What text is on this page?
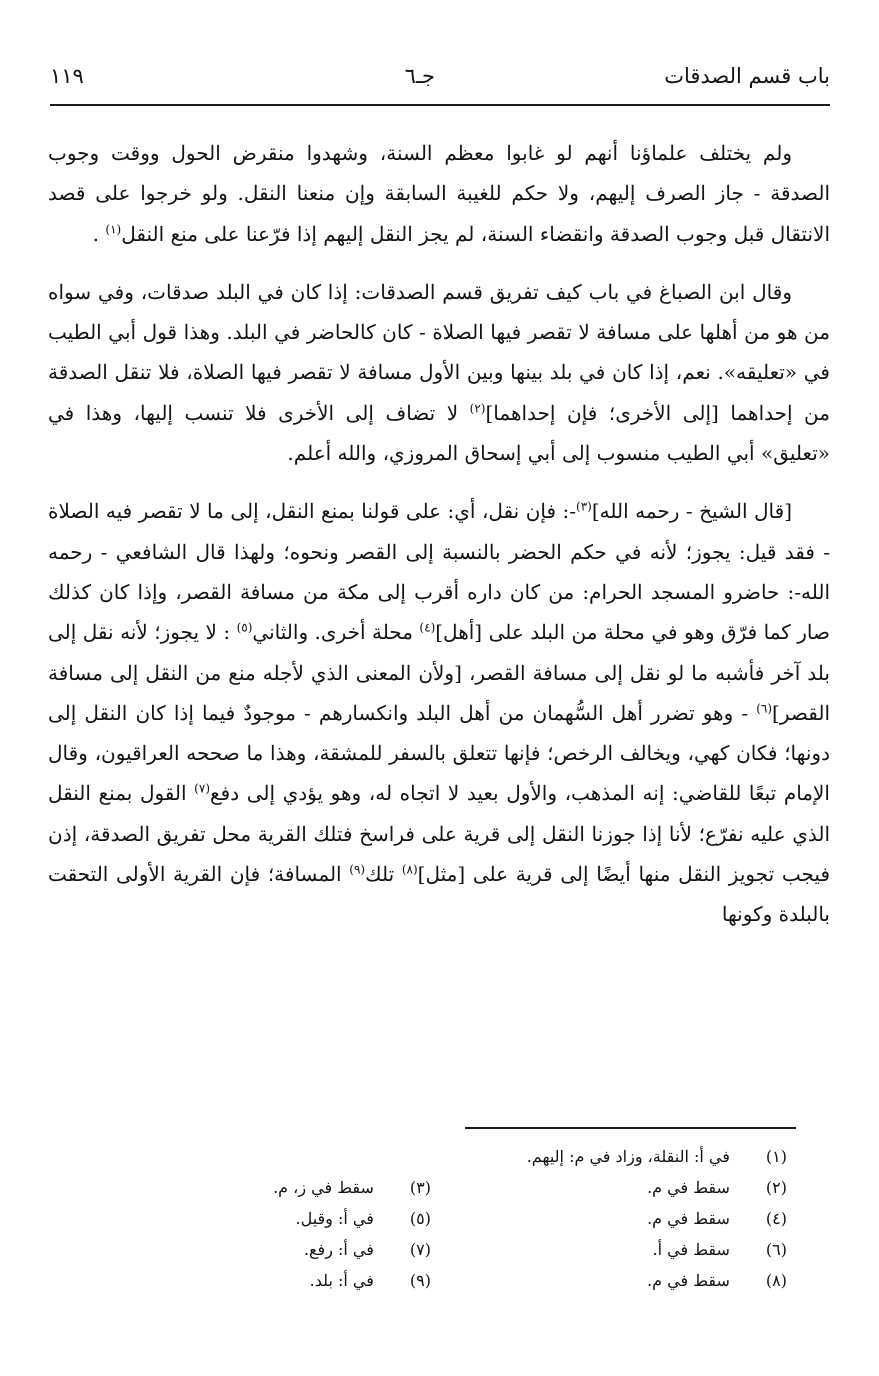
باب قسم الصدقات
جـ٦
١١٩

ولم يختلف علماؤنا أنهم لو غابوا معظم السنة، وشهدوا منقرض الحول ووقت وجوب الصدقة - جاز الصرف إليهم، ولا حكم للغيبة السابقة وإن منعنا النقل. ولو خرجوا على قصد الانتقال قبل وجوب الصدقة وانقضاء السنة، لم يجز النقل إليهم إذا فرّعنا على منع النقل$^{(١)}$ .

وقال ابن الصباغ في باب كيف تفريق قسم الصدقات: إذا كان في البلد صدقات، وفي سواه من هو من أهلها على مسافة لا تقصر فيها الصلاة - كان كالحاضر في البلد. وهذا قول أبي الطيب في «تعليقه». نعم، إذا كان في بلد بينها وبين الأول مسافة لا تقصر فيها الصلاة، فلا تنقل الصدقة من إحداهما [إلى الأخرى؛ فإن إحداهما]$^{(٢)}$ لا تضاف إلى الأخرى فلا تنسب إليها، وهذا في «تعليق» أبي الطيب منسوب إلى أبي إسحاق المروزي، والله أعلم.

[قال الشيخ - رحمه الله]$^{(٣)}$-: فإن نقل، أي: على قولنا بمنع النقل، إلى ما لا تقصر فيه الصلاة - فقد قيل: يجوز؛ لأنه في حكم الحضر بالنسبة إلى القصر ونحوه؛ ولهذا قال الشافعي - رحمه الله-: حاضرو المسجد الحرام: من كان داره أقرب إلى مكة من مسافة القصر، وإذا كان كذلك صار كما فرّق وهو في محلة من البلد على [أهل]$^{(٤)}$ محلة أخرى. والثاني$^{(٥)}$ : لا يجوز؛ لأنه نقل إلى بلد آخر فأشبه ما لو نقل إلى مسافة القصر، [ولأن المعنى الذي لأجله منع من النقل إلى مسافة القصر]$^{(٦)}$ - وهو تضرر أهل السُّهمان من أهل البلد وانكسارهم - موجودٌ فيما إذا كان النقل إلى دونها؛ فكان كهي، ويخالف الرخص؛ فإنها تتعلق بالسفر للمشقة، وهذا ما صححه العراقيون، وقال الإمام تبعًا للقاضي: إنه المذهب، والأول بعيد لا اتجاه له، وهو يؤدي إلى دفع$^{(٧)}$ القول بمنع النقل الذي عليه نفرّع؛ لأنا إذا جوزنا النقل إلى قرية على فراسخ فتلك القرية محل تفريق الصدقة، إذن فيجب تجويز النقل منها أيضًا إلى قرية على [مثل]$^{(٨)}$ تلك$^{(٩)}$ المسافة؛ فإن القرية الأولى التحقت بالبلدة وكونها

(١) في أ: النقلة، وزاد في م: إليهم.
(٢) سقط في م.
(٣) سقط في ز، م.
(٤) سقط في م.
(٥) في أ: وقيل.
(٦) سقط في أ.
(٧) في أ: رفع.
(٨) سقط في م.
(٩) في أ: بلد.
